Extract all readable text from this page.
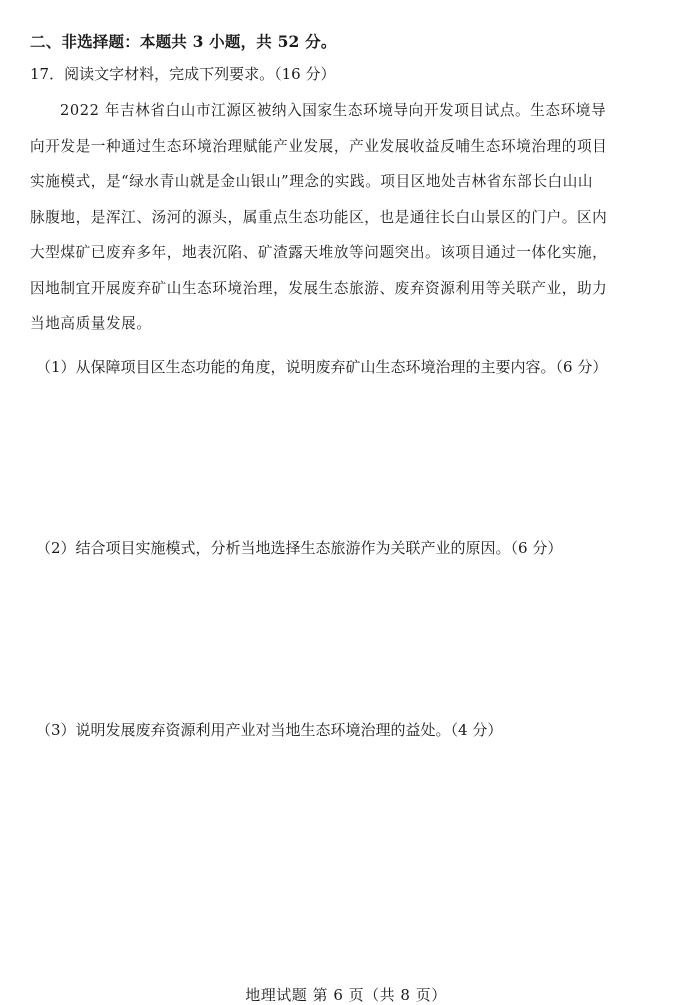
二、非选择题：本题共 3 小题，共 52 分。
17．阅读文字材料，完成下列要求。（16 分）
2022 年吉林省白山市江源区被纳入国家生态环境导向开发项目试点。生态环境导
向开发是一种通过生态环境治理赋能产业发展，产业发展收益反哺生态环境治理的项目
实施模式，是“绿水青山就是金山银山”理念的实践。项目区地处吉林省东部长白山山
脉腹地，是浑江、汤河的源头，属重点生态功能区，也是通往长白山景区的门户。区内
大型煤矿已废弃多年，地表沉陷、矿渣露天堆放等问题突出。该项目通过一体化实施，
因地制宜开展废弃矿山生态环境治理，发展生态旅游、废弃资源利用等关联产业，助力
当地高质量发展。
（1）从保障项目区生态功能的角度，说明废弃矿山生态环境治理的主要内容。（6 分）
（2）结合项目实施模式，分析当地选择生态旅游作为关联产业的原因。（6 分）
（3）说明发展废弃资源利用产业对当地生态环境治理的益处。（4 分）
地理试题 第 6 页（共 8 页）
